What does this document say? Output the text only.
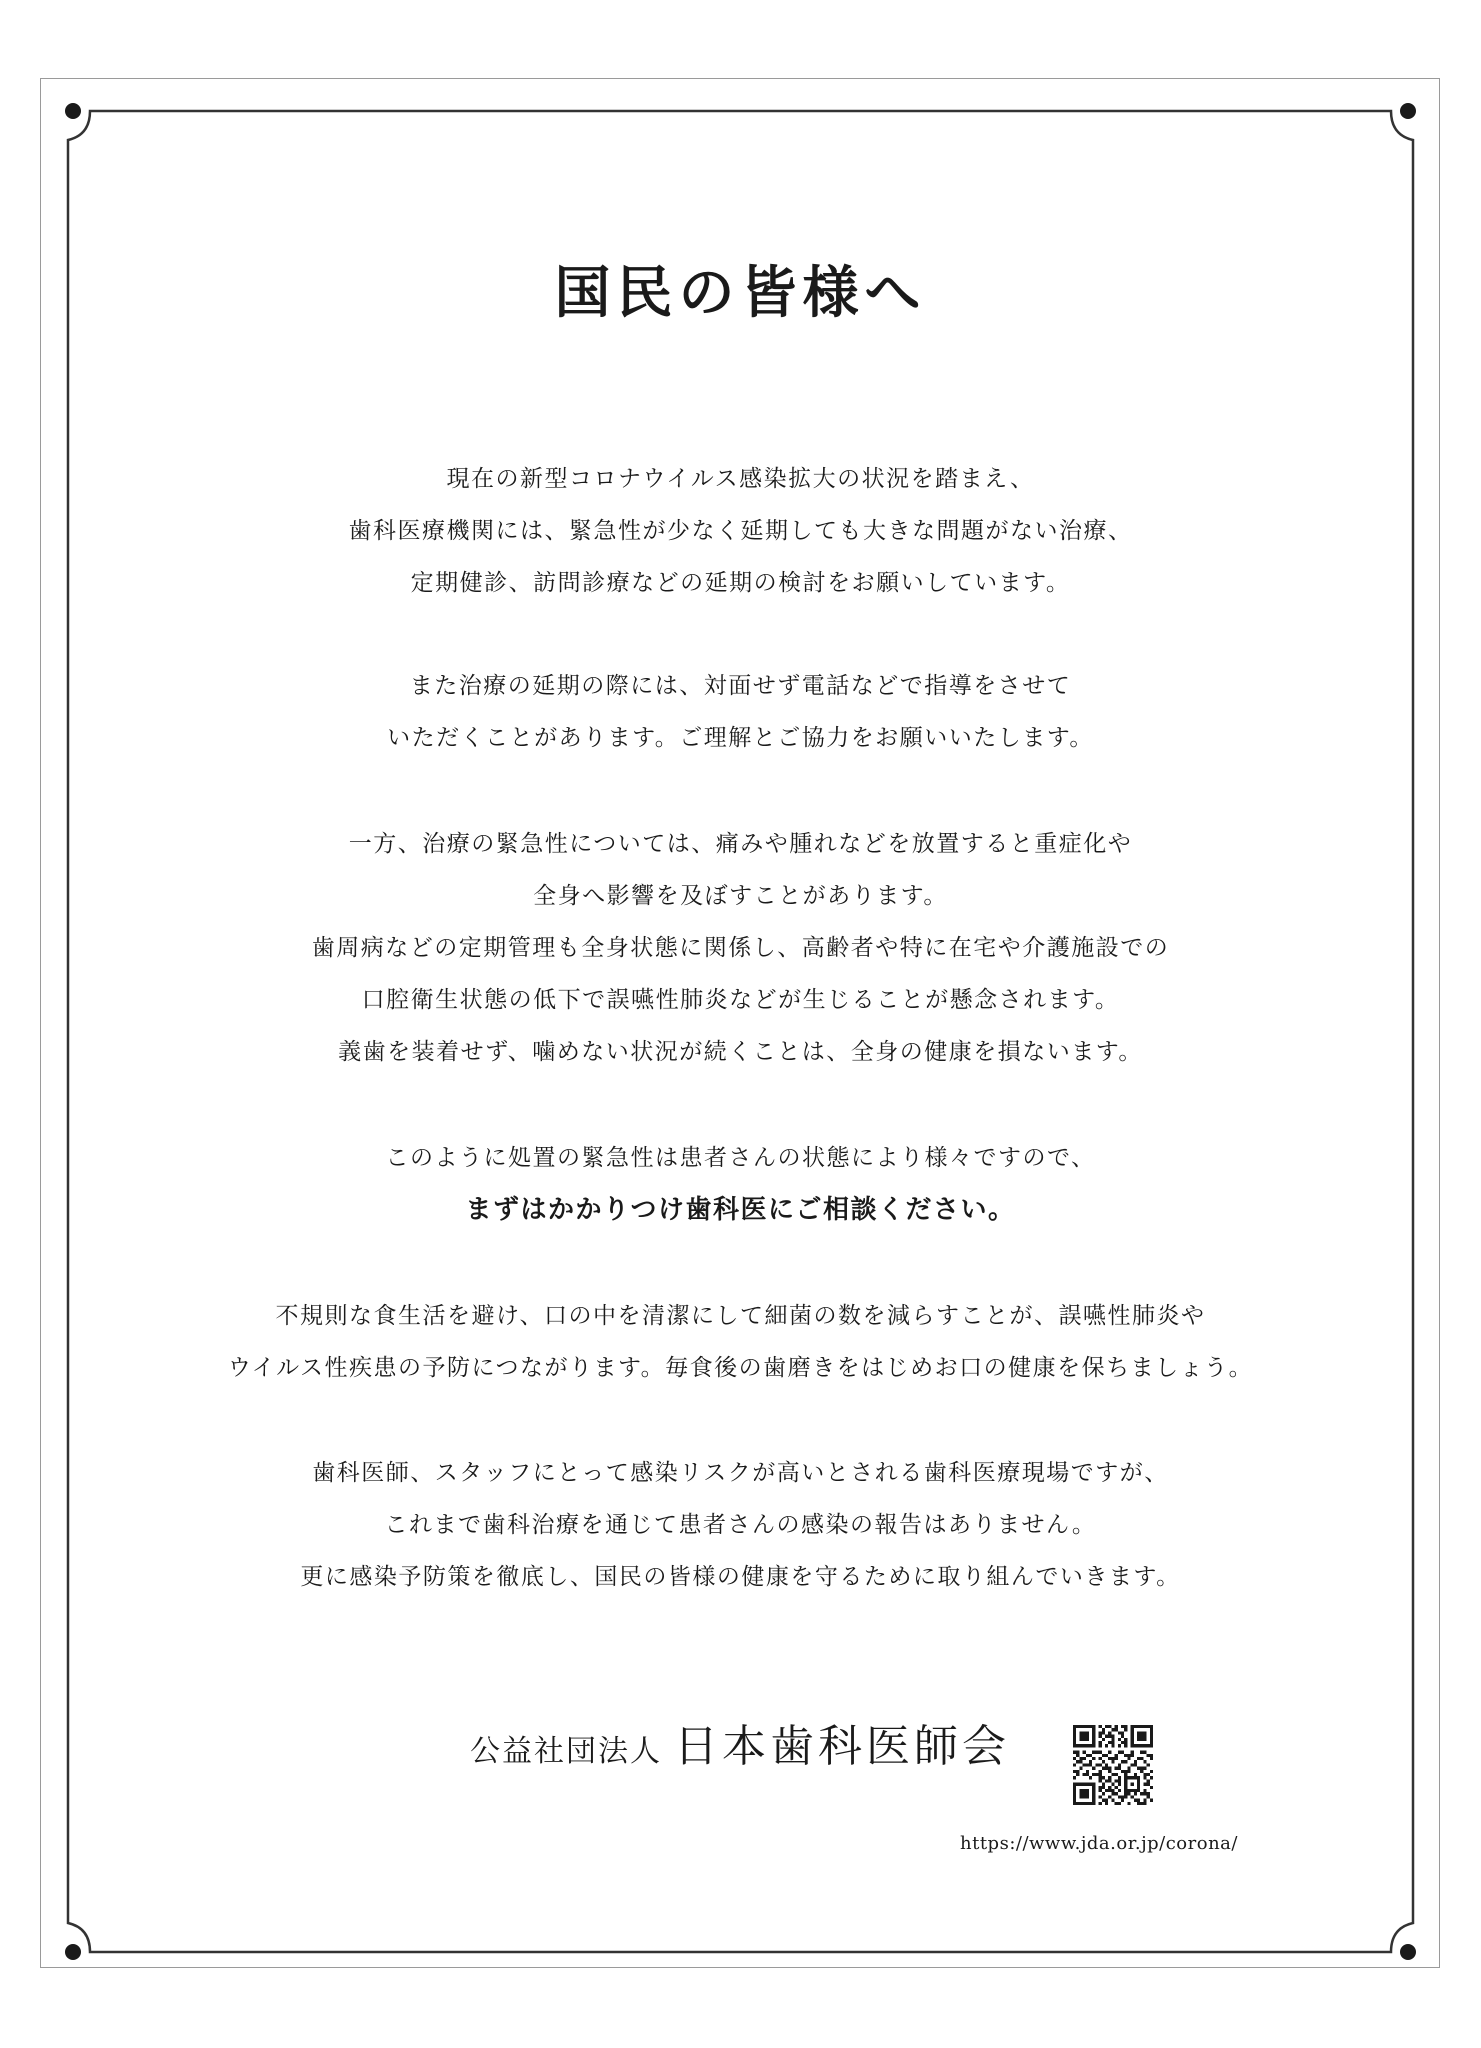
国民の皆様へ

現在の新型コロナウイルス感染拡大の状況を踏まえ、

歯科医療機関には、緊急性が少なく延期しても大きな問題がない治療、

定期健診、訪問診療などの延期の検討をお願いしています。

また治療の延期の際には、対面せず電話などで指導をさせて

いただくことがあります。ご理解とご協力をお願いいたします。

一方、治療の緊急性については、痛みや腫れなどを放置すると重症化や

全身へ影響を及ぼすことがあります。

歯周病などの定期管理も全身状態に関係し、高齢者や特に在宅や介護施設での

口腔衛生状態の低下で誤嚥性肺炎などが生じることが懸念されます。

義歯を装着せず、噛めない状況が続くことは、全身の健康を損ないます。

このように処置の緊急性は患者さんの状態により様々ですので、

まずはかかりつけ歯科医にご相談ください。

不規則な食生活を避け、口の中を清潔にして細菌の数を減らすことが、誤嚥性肺炎や

ウイルス性疾患の予防につながります。毎食後の歯磨きをはじめお口の健康を保ちましょう。

歯科医師、スタッフにとって感染リスクが高いとされる歯科医療現場ですが、

これまで歯科治療を通じて患者さんの感染の報告はありません。

更に感染予防策を徹底し、国民の皆様の健康を守るために取り組んでいきます。

公益社団法人 日本歯科医師会
https://www.jda.or.jp/corona/
